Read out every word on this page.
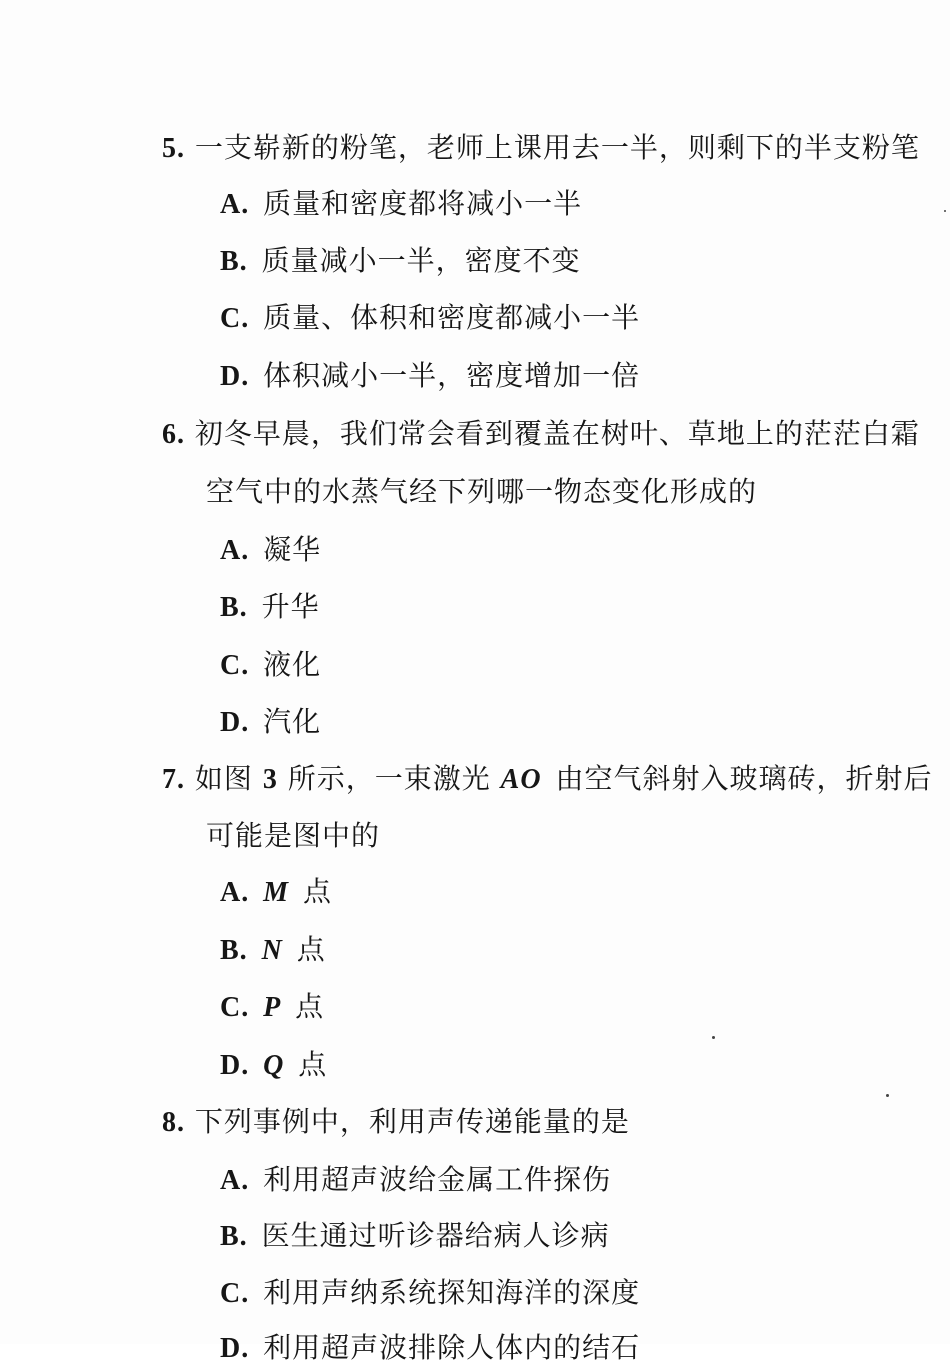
5. 一支崭新的粉笔，老师上课用去一半，则剩下的半支粉笔
A. 质量和密度都将减小一半
B. 质量减小一半，密度不变
C. 质量、体积和密度都减小一半
D. 体积减小一半，密度增加一倍
6. 初冬早晨，我们常会看到覆盖在树叶、草地上的茫茫白霜
空气中的水蒸气经下列哪一物态变化形成的
A. 凝华
B. 升华
C. 液化
D. 汽化
7. 如图 3 所示，一束激光 AO 由空气斜射入玻璃砖，折射后
可能是图中的
A. M 点
B. N 点
C. P 点
D. Q 点
8. 下列事例中，利用声传递能量的是
A. 利用超声波给金属工件探伤
B. 医生通过听诊器给病人诊病
C. 利用声纳系统探知海洋的深度
D. 利用超声波排除人体内的结石
